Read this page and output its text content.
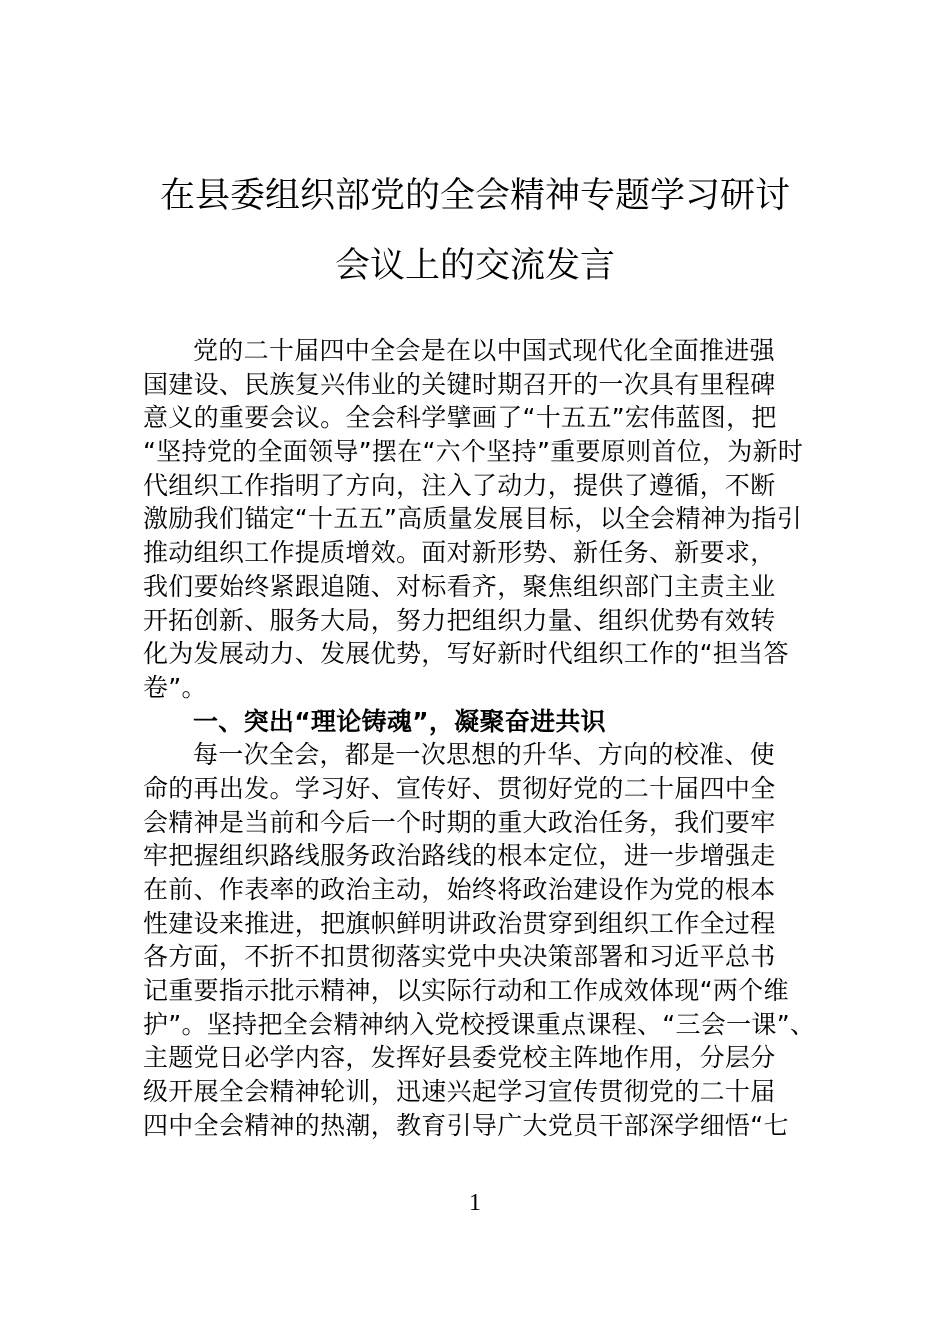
在县委组织部党的全会精神专题学习研讨
会议上的交流发言
党的二十届四中全会是在以中国式现代化全面推进强
国建设、民族复兴伟业的关键时期召开的一次具有里程碑
意义的重要会议。全会科学擘画了“十五五”宏伟蓝图，把
“坚持党的全面领导”摆在“六个坚持”重要原则首位，为新时
代组织工作指明了方向，注入了动力，提供了遵循，不断
激励我们锚定“十五五”高质量发展目标，以全会精神为指引
推动组织工作提质增效。面对新形势、新任务、新要求，
我们要始终紧跟追随、对标看齐，聚焦组织部门主责主业
开拓创新、服务大局，努力把组织力量、组织优势有效转
化为发展动力、发展优势，写好新时代组织工作的“担当答
卷”。
一、突出“理论铸魂”，凝聚奋进共识
每一次全会，都是一次思想的升华、方向的校准、使
命的再出发。学习好、宣传好、贯彻好党的二十届四中全
会精神是当前和今后一个时期的重大政治任务，我们要牢
牢把握组织路线服务政治路线的根本定位，进一步增强走
在前、作表率的政治主动，始终将政治建设作为党的根本
性建设来推进，把旗帜鲜明讲政治贯穿到组织工作全过程
各方面，不折不扣贯彻落实党中央决策部署和习近平总书
记重要指示批示精神，以实际行动和工作成效体现“两个维
护”。坚持把全会精神纳入党校授课重点课程、“三会一课”、
主题党日必学内容，发挥好县委党校主阵地作用，分层分
级开展全会精神轮训，迅速兴起学习宣传贯彻党的二十届
四中全会精神的热潮，教育引导广大党员干部深学细悟“七
1
